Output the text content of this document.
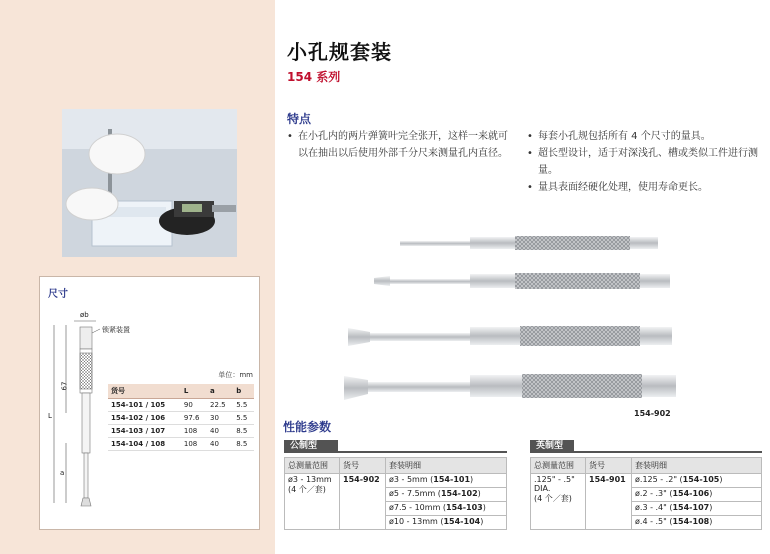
尺寸
øb
锁紧装置
67
L
a
单位：mm
货号	L	a	b
154-101 / 105	90	22.5	5.5
154-102 / 106	97.6	30	5.5
154-103 / 107	108	40	8.5
154-104 / 108	108	40	8.5
小孔规套装
154 系列
特点
• 在小孔内的两片弹簧叶完全张开，这样一来就可以在抽出以后使用外部千分尺来测量孔内直径。
• 每套小孔规包括所有 4 个尺寸的量具。
• 超长型设计，适于对深浅孔、槽或类似工件进行测量。
• 量具表面经硬化处理，使用寿命更长。
154-902
性能参数
公制型
总测量范围	货号	套装明细

ø3 - 13mm
(4 个／套)	154-902	ø3 - 5mm (154-101)
		ø5 - 7.5mm (154-102)
		ø7.5 - 10mm (154-103)
		ø10 - 13mm (154-104)
英制型
总测量范围	货号	套装明细

.125" - .5"
DIA.
(4 个／套)	154-901	ø.125 - .2" (154-105)
		ø.2 - .3" (154-106)
		ø.3 - .4" (154-107)
		ø.4 - .5" (154-108)
